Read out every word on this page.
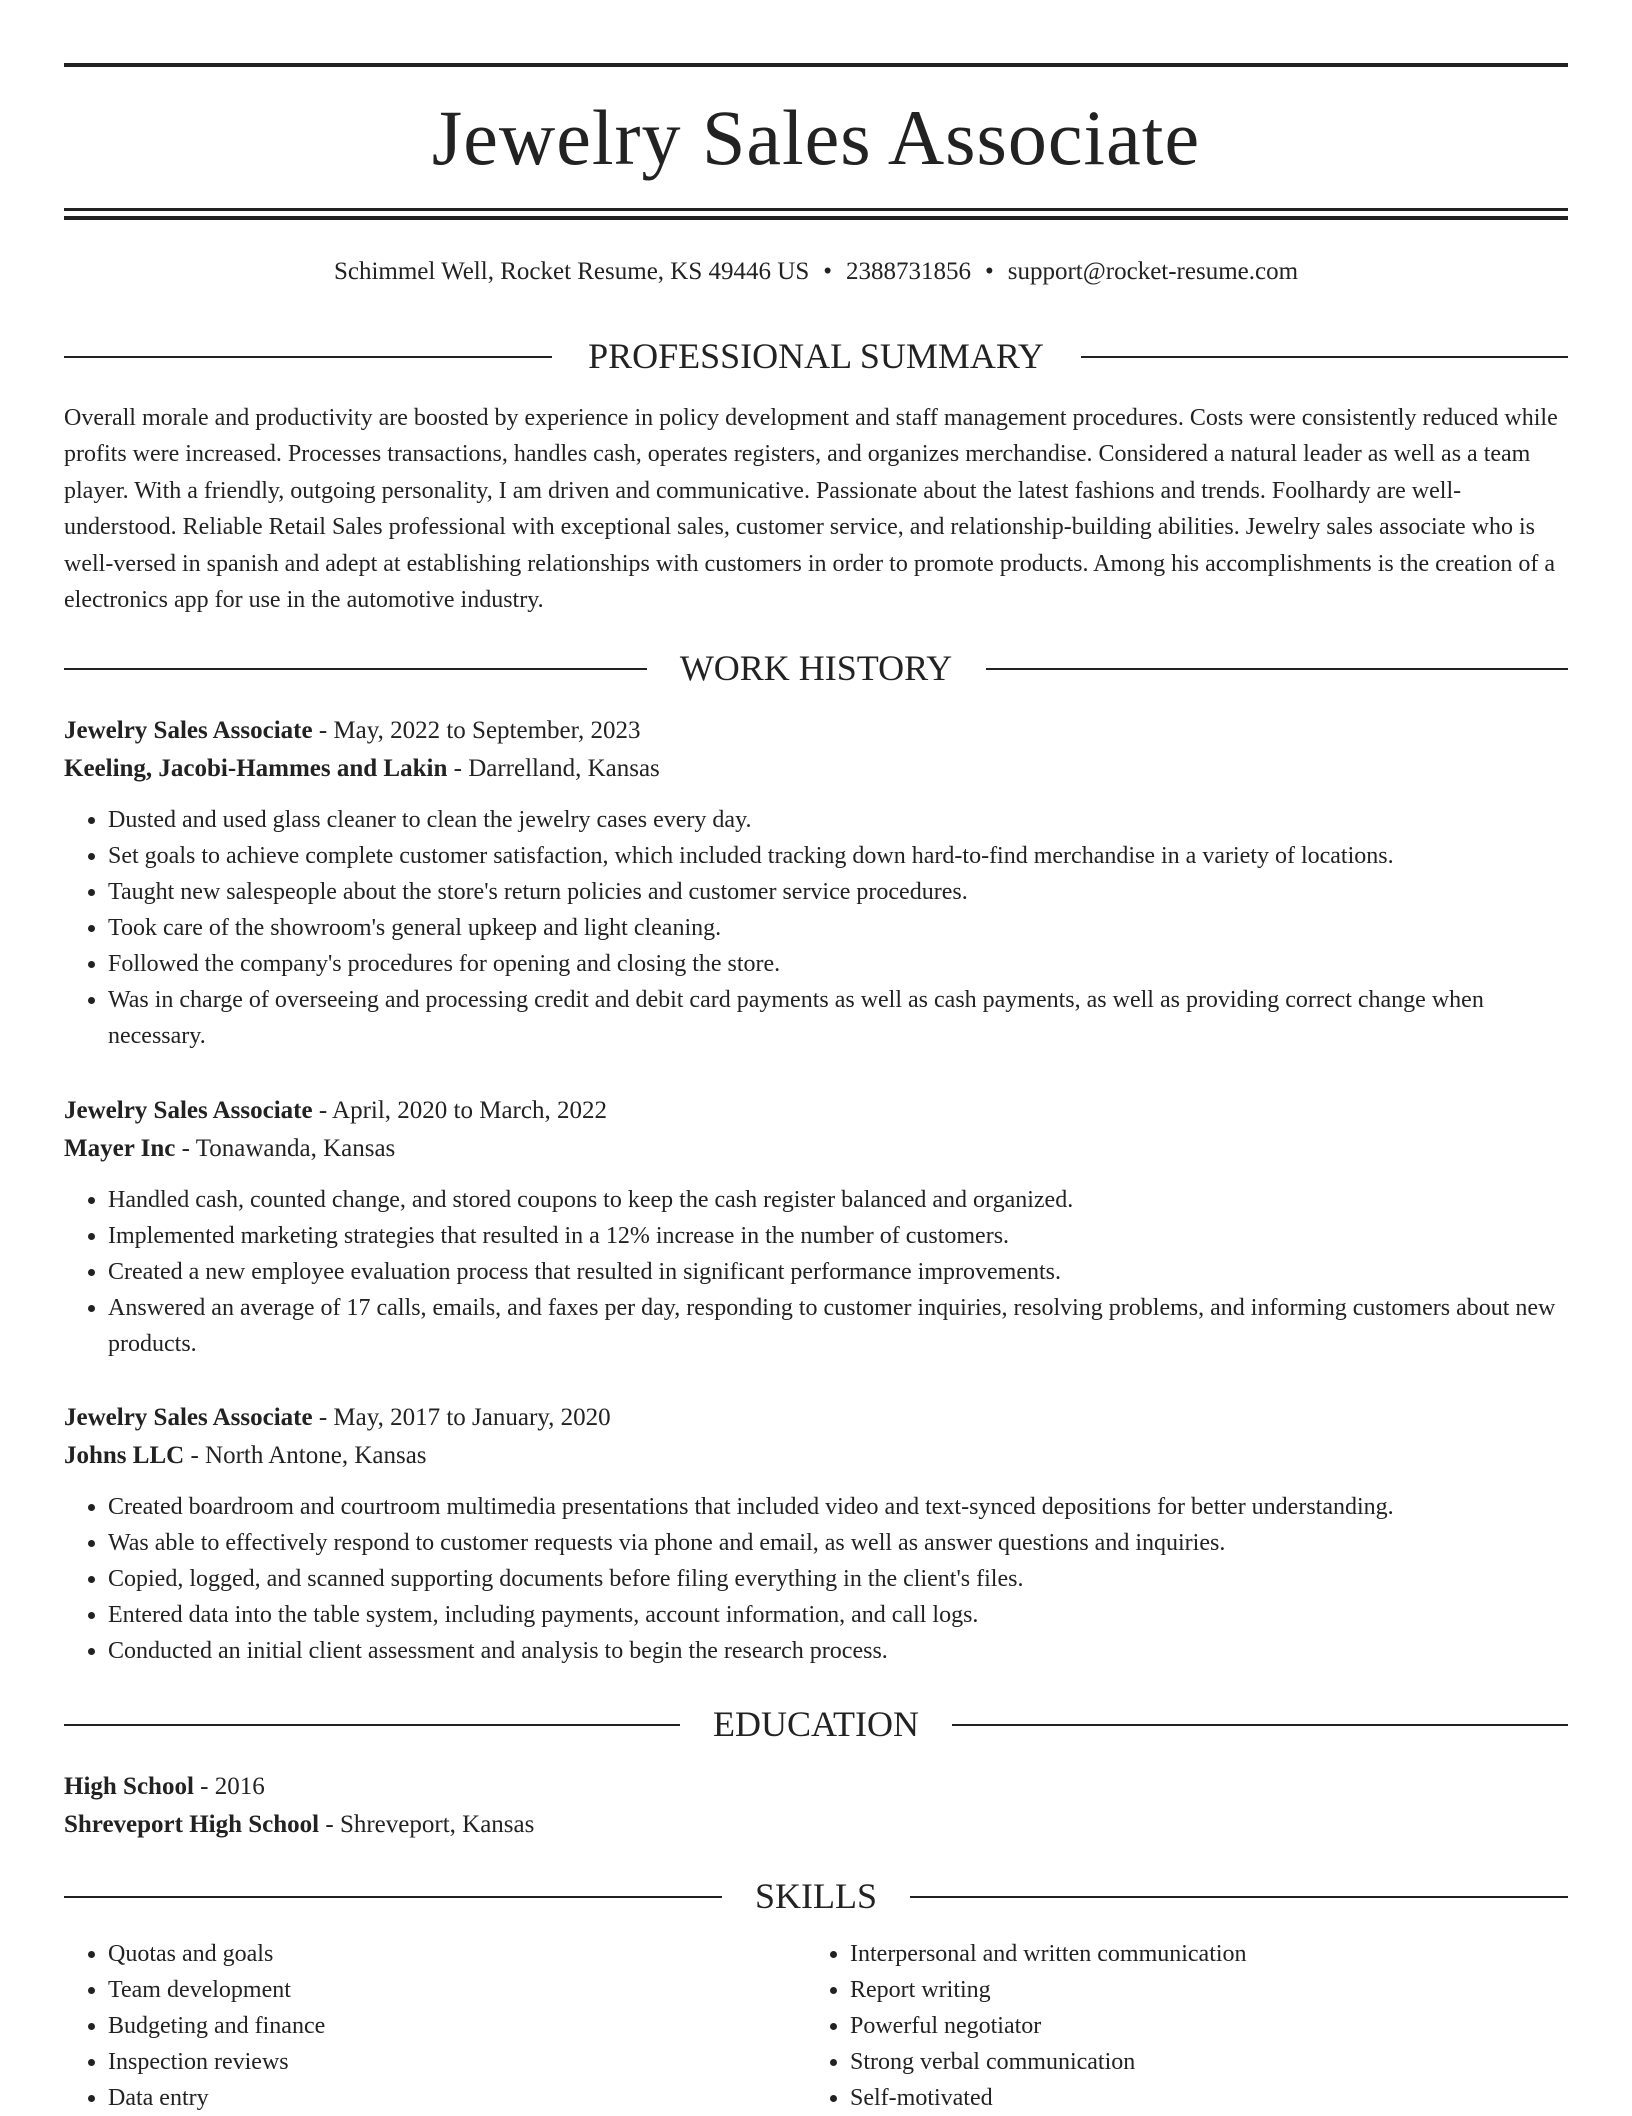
Jewelry Sales Associate
Schimmel Well, Rocket Resume, KS 49446 US • 2388731856 • support@rocket-resume.com
PROFESSIONAL SUMMARY

Overall morale and productivity are boosted by experience in policy development and staff management procedures. Costs were consistently reduced while profits were increased. Processes transactions, handles cash, operates registers, and organizes merchandise. Considered a natural leader as well as a team player. With a friendly, outgoing personality, I am driven and communicative. Passionate about the latest fashions and trends. Foolhardy are well-understood. Reliable Retail Sales professional with exceptional sales, customer service, and relationship-building abilities. Jewelry sales associate who is well-versed in spanish and adept at establishing relationships with customers in order to promote products. Among his accomplishments is the creation of a electronics app for use in the automotive industry.

WORK HISTORY
Jewelry Sales Associate - May, 2022 to September, 2023
Keeling, Jacobi-Hammes and Lakin - Darrelland, Kansas
• Dusted and used glass cleaner to clean the jewelry cases every day.
• Set goals to achieve complete customer satisfaction, which included tracking down hard-to-find merchandise in a variety of locations.
• Taught new salespeople about the store's return policies and customer service procedures.
• Took care of the showroom's general upkeep and light cleaning.
• Followed the company's procedures for opening and closing the store.
• Was in charge of overseeing and processing credit and debit card payments as well as cash payments, as well as providing correct change when necessary.
Jewelry Sales Associate - April, 2020 to March, 2022
Mayer Inc - Tonawanda, Kansas
• Handled cash, counted change, and stored coupons to keep the cash register balanced and organized.
• Implemented marketing strategies that resulted in a 12% increase in the number of customers.
• Created a new employee evaluation process that resulted in significant performance improvements.
• Answered an average of 17 calls, emails, and faxes per day, responding to customer inquiries, resolving problems, and informing customers about new products.
Jewelry Sales Associate - May, 2017 to January, 2020
Johns LLC - North Antone, Kansas
• Created boardroom and courtroom multimedia presentations that included video and text-synced depositions for better understanding.
• Was able to effectively respond to customer requests via phone and email, as well as answer questions and inquiries.
• Copied, logged, and scanned supporting documents before filing everything in the client's files.
• Entered data into the table system, including payments, account information, and call logs.
• Conducted an initial client assessment and analysis to begin the research process.
EDUCATION
High School - 2016
Shreveport High School - Shreveport, Kansas
SKILLS
• Quotas and goals
• Team development
• Budgeting and finance
• Inspection reviews
• Data entry
• Interpersonal and written communication
• Report writing
• Powerful negotiator
• Strong verbal communication
• Self-motivated
